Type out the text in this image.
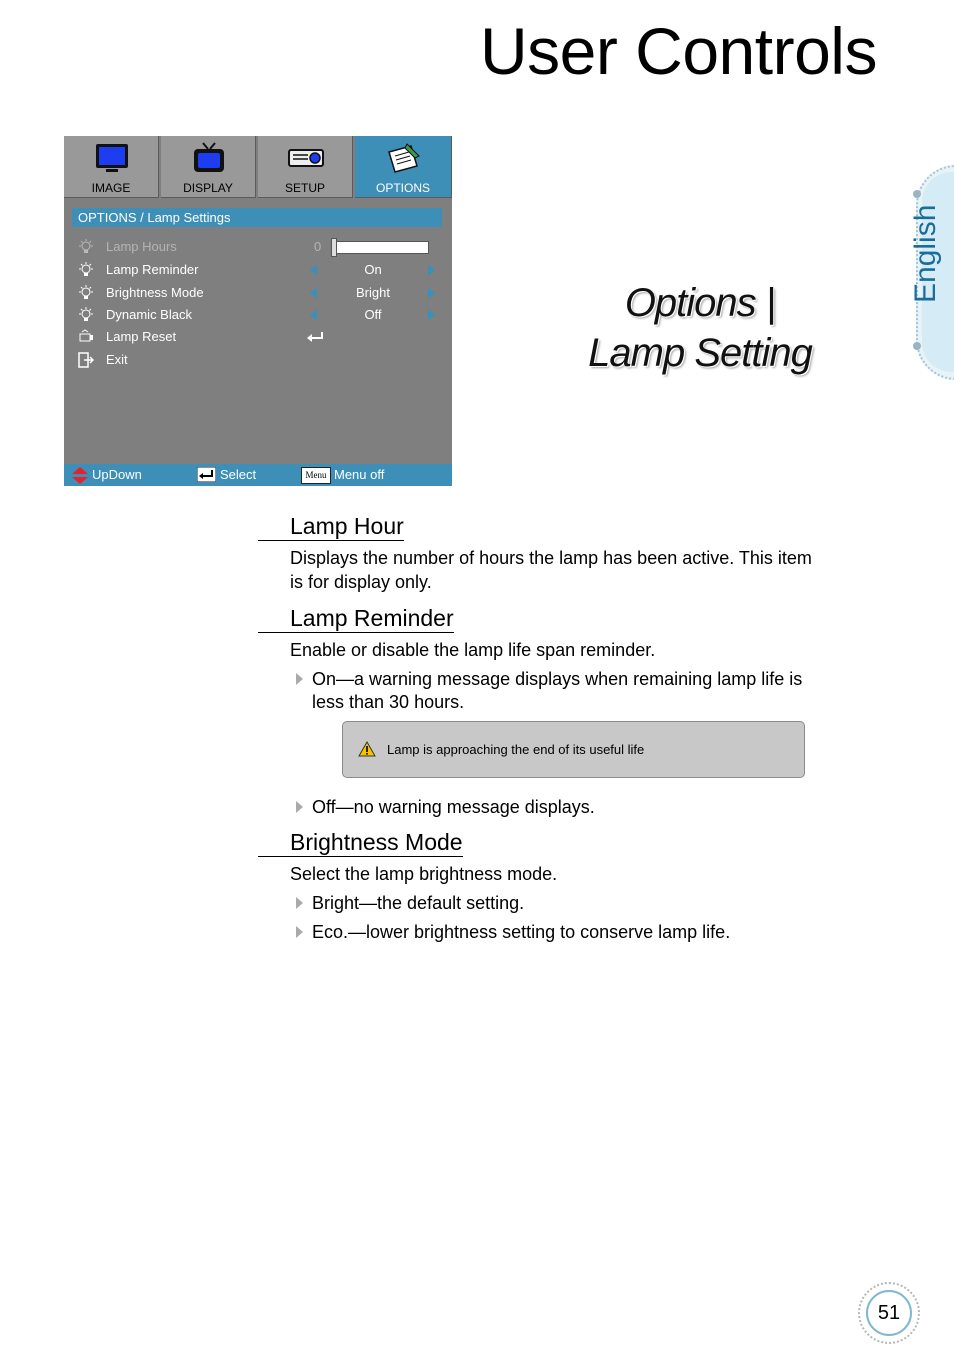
User Controls
English
IMAGE	DISPLAY	SETUP	OPTIONS
OPTIONS / Lamp Settings
Lamp Hours	0
Lamp Reminder	On
Brightness Mode	Bright
Dynamic Black	Off
Lamp Reset
Exit
UpDown	Select	Menu Menu off
Options |
Lamp Setting
Lamp Hour
Displays the number of hours the lamp has been active. This item
is for display only.
Lamp Reminder
Enable or disable the lamp life span reminder.
On—a warning message displays when remaining lamp life is
less than 30 hours.
Lamp is approaching the end of its useful life
Off—no warning message displays.
Brightness Mode
Select the lamp brightness mode.
Bright—the default setting.
Eco.—lower brightness setting to conserve lamp life.
51
